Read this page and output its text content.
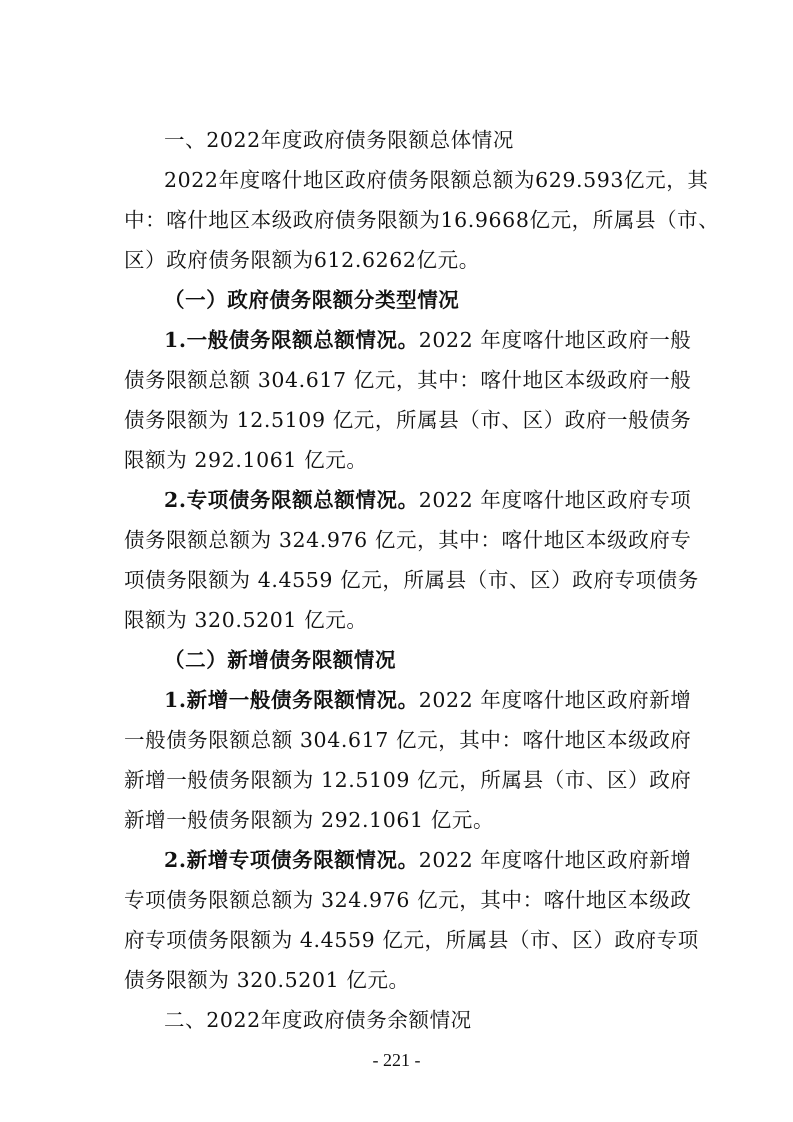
一、2022年度政府债务限额总体情况
2022年度喀什地区政府债务限额总额为629.593亿元，其
中：喀什地区本级政府债务限额为16.9668亿元，所属县（市、
区）政府债务限额为612.6262亿元。
（一）政府债务限额分类型情况
1.一般债务限额总额情况。2022 年度喀什地区政府一般
债务限额总额 304.617 亿元，其中：喀什地区本级政府一般
债务限额为 12.5109 亿元，所属县（市、区）政府一般债务
限额为 292.1061 亿元。
2.专项债务限额总额情况。2022 年度喀什地区政府专项
债务限额总额为 324.976 亿元，其中：喀什地区本级政府专
项债务限额为 4.4559 亿元，所属县（市、区）政府专项债务
限额为 320.5201 亿元。
（二）新增债务限额情况
1.新增一般债务限额情况。2022 年度喀什地区政府新增
一般债务限额总额 304.617 亿元，其中：喀什地区本级政府
新增一般债务限额为 12.5109 亿元，所属县（市、区）政府
新增一般债务限额为 292.1061 亿元。
2.新增专项债务限额情况。2022 年度喀什地区政府新增
专项债务限额总额为 324.976 亿元，其中：喀什地区本级政
府专项债务限额为 4.4559 亿元，所属县（市、区）政府专项
债务限额为 320.5201 亿元。
二、2022年度政府债务余额情况
- 221 -
